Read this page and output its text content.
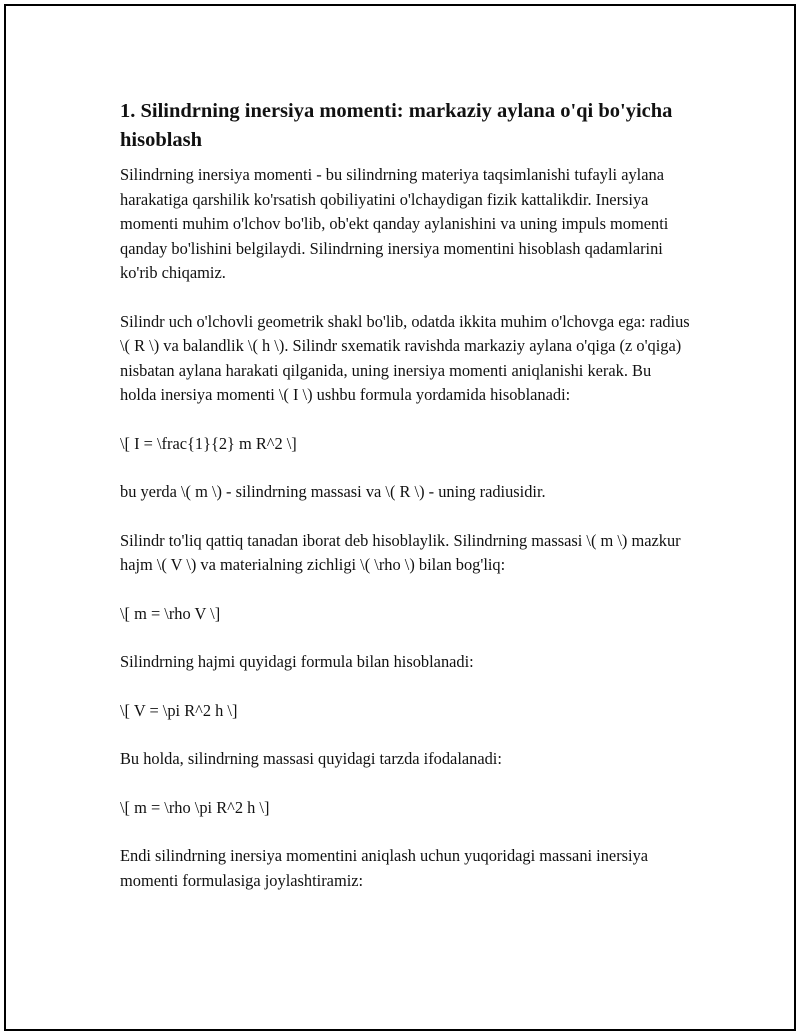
1. Silindrning inersiya momenti: markaziy aylana o'qi bo'yicha hisoblash

Silindrning inersiya momenti - bu silindrning materiya taqsimlanishi tufayli aylana harakatiga qarshilik ko'rsatish qobiliyatini o'lchaydigan fizik kattalikdir. Inersiya momenti muhim o'lchov bo'lib, ob'ekt qanday aylanishini va uning impuls momenti qanday bo'lishini belgilaydi. Silindrning inersiya momentini hisoblash qadamlarini ko'rib chiqamiz.

Silindr uch o'lchovli geometrik shakl bo'lib, odatda ikkita muhim o'lchovga ega: radius \( R \) va balandlik \( h \). Silindr sxematik ravishda markaziy aylana o'qiga (z o'qiga) nisbatan aylana harakati qilganida, uning inersiya momenti aniqlanishi kerak. Bu holda inersiya momenti \( I \) ushbu formula yordamida hisoblanadi:

\[ I = \frac{1}{2} m R^2 \]

bu yerda \( m \) - silindrning massasi va \( R \) - uning radiusidir.

Silindr to'liq qattiq tanadan iborat deb hisoblaylik. Silindrning massasi \( m \) mazkur hajm \( V \) va materialning zichligi \( \rho \) bilan bog'liq:

\[ m = \rho V \]

Silindrning hajmi quyidagi formula bilan hisoblanadi:

\[ V = \pi R^2 h \]

Bu holda, silindrning massasi quyidagi tarzda ifodalanadi:

\[ m = \rho \pi R^2 h \]

Endi silindrning inersiya momentini aniqlash uchun yuqoridagi massani inersiya momenti formulasiga joylashtiramiz:
